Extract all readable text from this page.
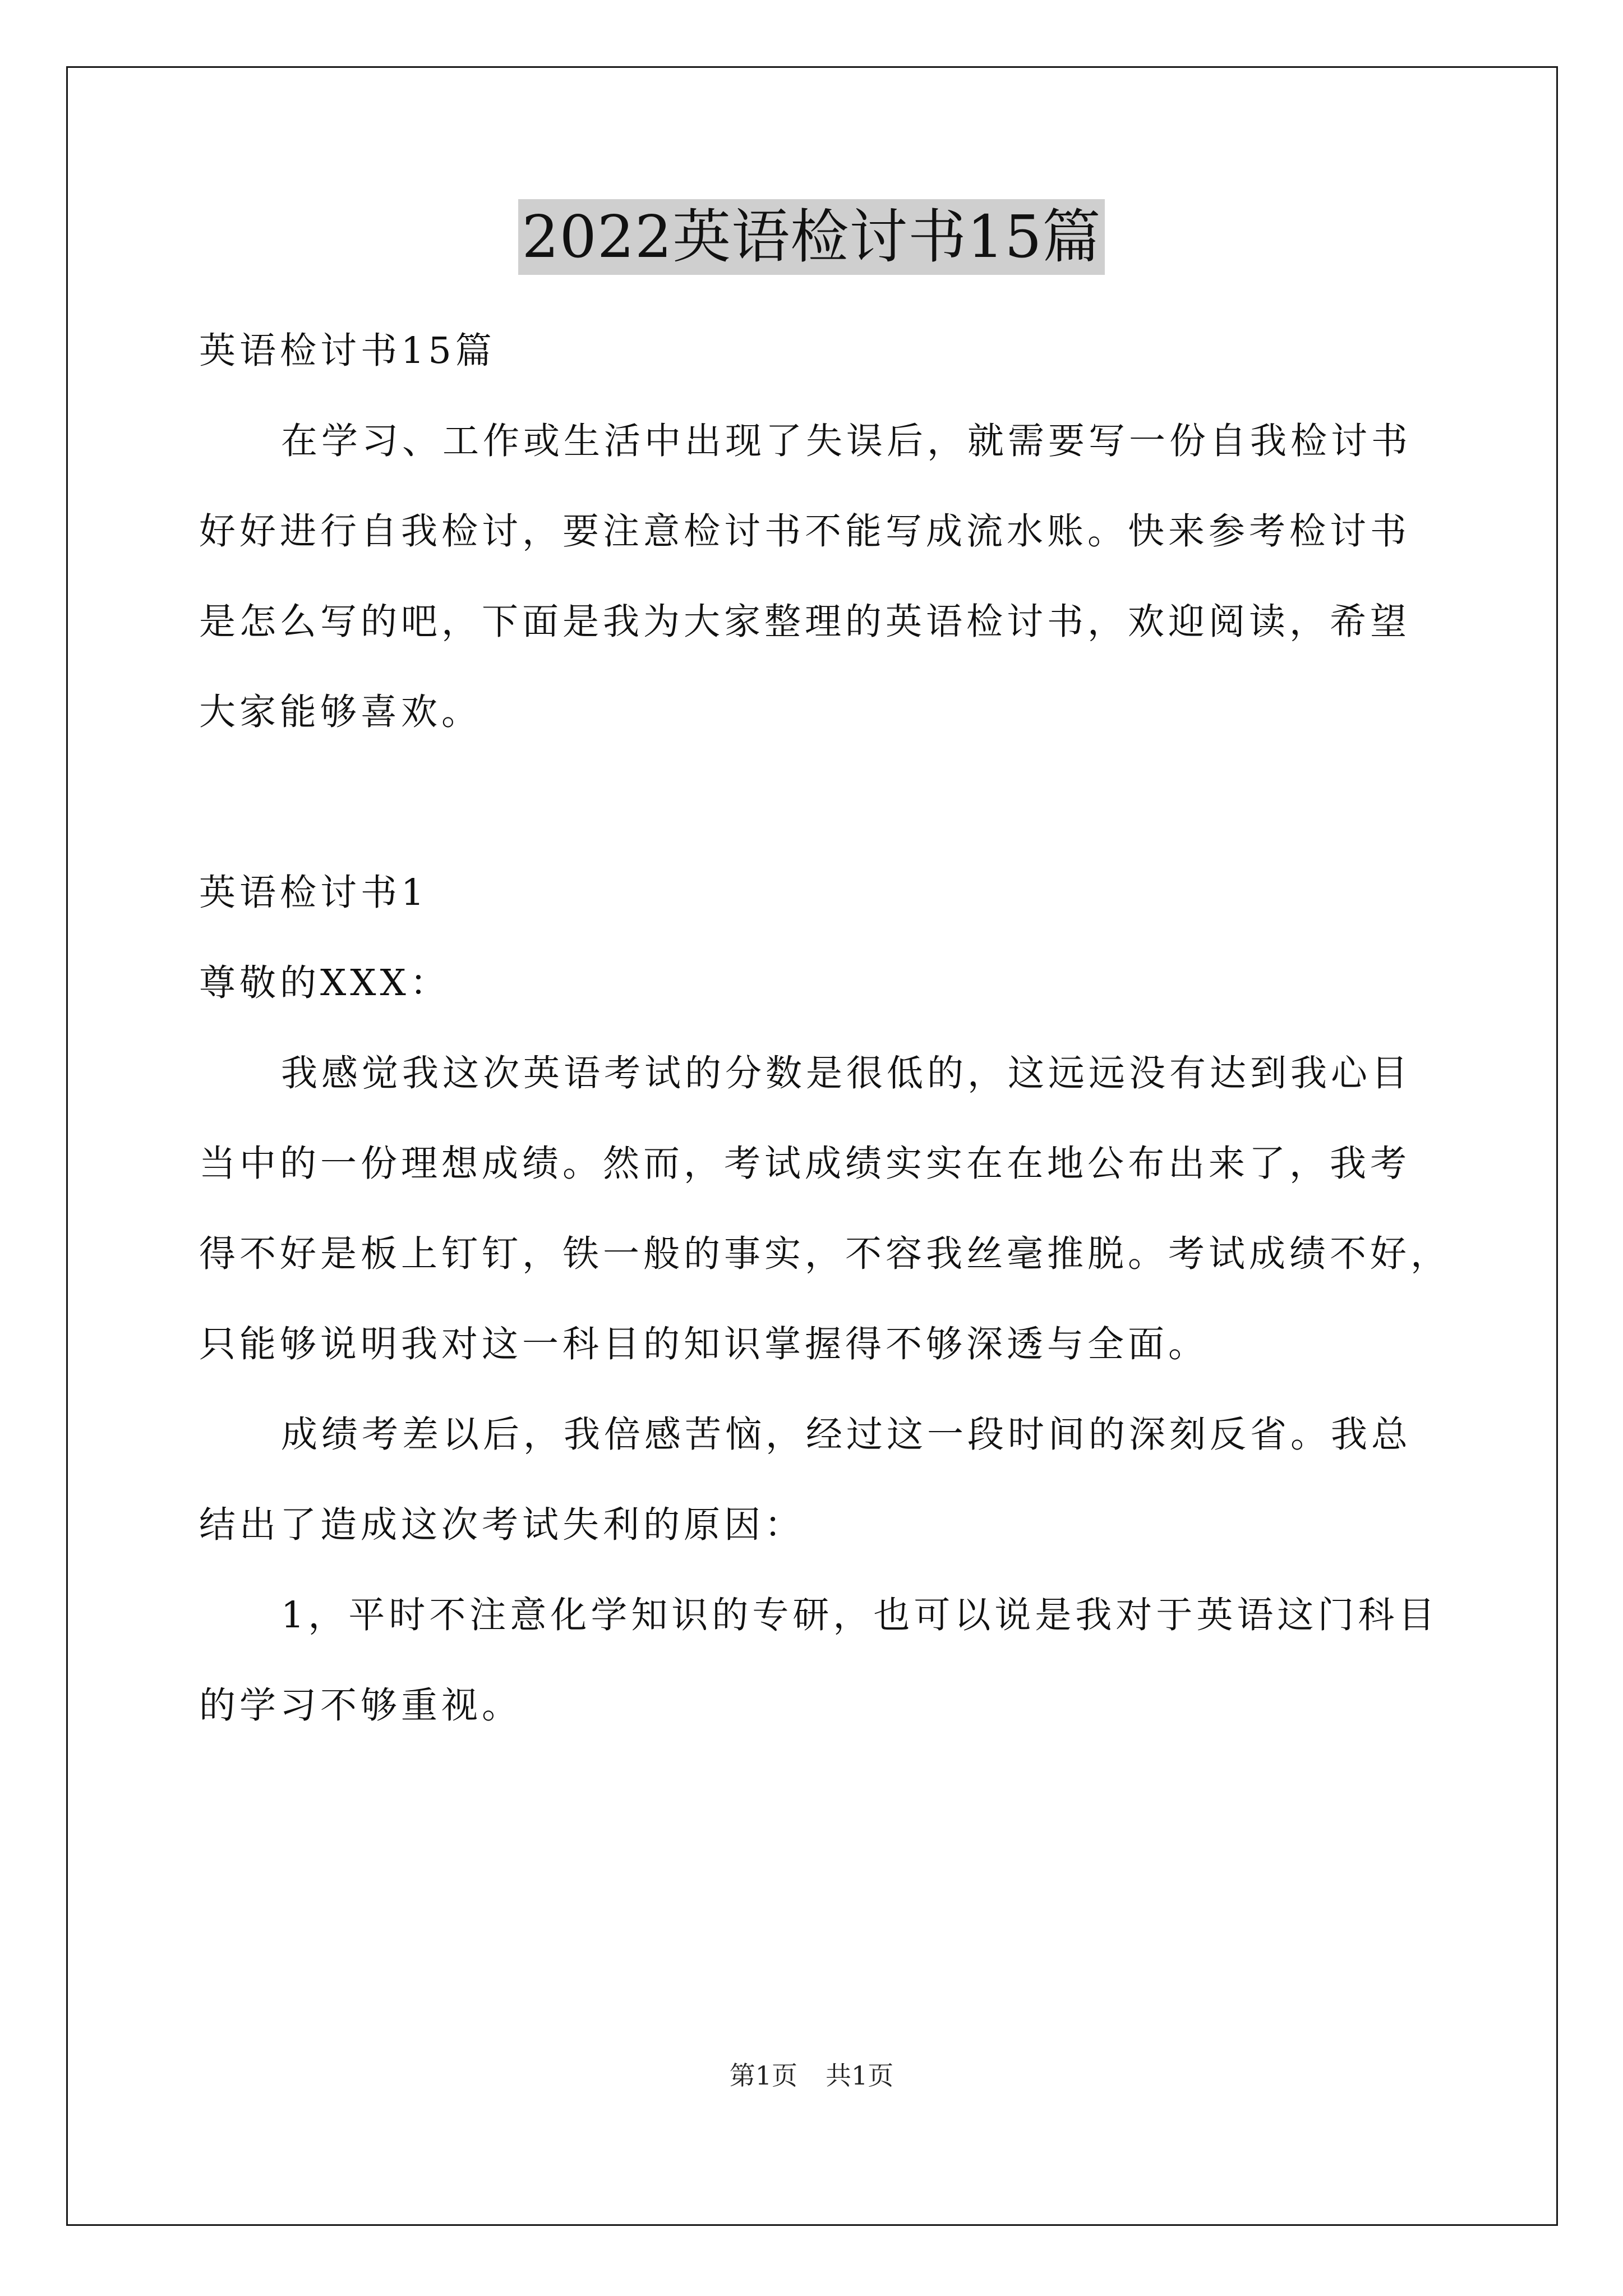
2022英语检讨书15篇

英语检讨书15篇

在学习、工作或生活中出现了失误后，就需要写一份自我检讨书

好好进行自我检讨，要注意检讨书不能写成流水账。快来参考检讨书

是怎么写的吧，下面是我为大家整理的英语检讨书，欢迎阅读，希望

大家能够喜欢。

英语检讨书1

尊敬的XXX：

我感觉我这次英语考试的分数是很低的，这远远没有达到我心目

当中的一份理想成绩。然而，考试成绩实实在在地公布出来了，我考

得不好是板上钉钉，铁一般的事实，不容我丝毫推脱。考试成绩不好，

只能够说明我对这一科目的知识掌握得不够深透与全面。

成绩考差以后，我倍感苦恼，经过这一段时间的深刻反省。我总

结出了造成这次考试失利的原因：

1，平时不注意化学知识的专研，也可以说是我对于英语这门科目

的学习不够重视。

第1页 共1页
